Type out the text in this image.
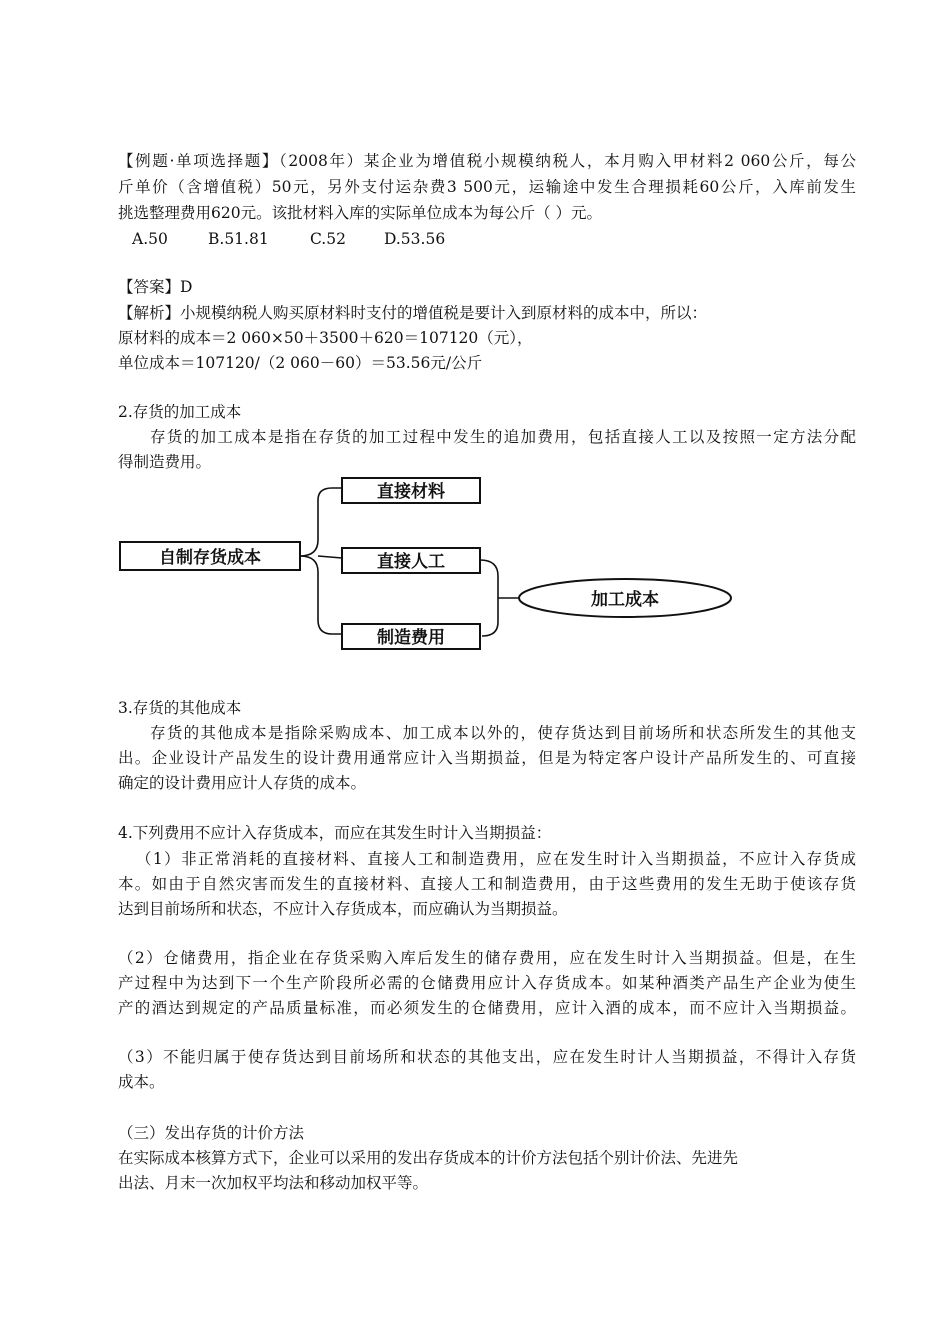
【例题·单项选择题】（2008年）某企业为增值税小规模纳税人，本月购入甲材料2 060公斤，每公
斤单价（含增值税）50元，另外支付运杂费3 500元，运输途中发生合理损耗60公斤，入库前发生
挑选整理费用620元。该批材料入库的实际单位成本为每公斤（ ）元。
A.50	B.51.81	C.52 D.53.56
【答案】D
【解析】小规模纳税人购买原材料时支付的增值税是要计入到原材料的成本中，所以：
原材料的成本＝2 060×50＋3500＋620＝107120（元），
单位成本＝107120/（2 060－60）＝53.56元/公斤
2.存货的加工成本
存货的加工成本是指在存货的加工过程中发生的追加费用，包括直接人工以及按照一定方法分配
得制造费用。
自制存货成本
直接材料
直接人工
制造费用
加工成本
3.存货的其他成本
存货的其他成本是指除采购成本、加工成本以外的，使存货达到目前场所和状态所发生的其他支
出。企业设计产品发生的设计费用通常应计入当期损益，但是为特定客户设计产品所发生的、可直接
确定的设计费用应计人存货的成本。
4.下列费用不应计入存货成本，而应在其发生时计入当期损益：
（1）非正常消耗的直接材料、直接人工和制造费用，应在发生时计入当期损益，不应计入存货成
本。如由于自然灾害而发生的直接材料、直接人工和制造费用，由于这些费用的发生无助于使该存货
达到目前场所和状态，不应计入存货成本，而应确认为当期损益。
（2）仓储费用，指企业在存货采购入库后发生的储存费用，应在发生时计入当期损益。但是，在生
产过程中为达到下一个生产阶段所必需的仓储费用应计入存货成本。如某种酒类产品生产企业为使生
产的酒达到规定的产品质量标准，而必须发生的仓储费用，应计入酒的成本，而不应计入当期损益。
（3）不能归属于使存货达到目前场所和状态的其他支出，应在发生时计人当期损益，不得计入存货
成本。
（三）发出存货的计价方法
在实际成本核算方式下，企业可以采用的发出存货成本的计价方法包括个别计价法、先进先
出法、月末一次加权平均法和移动加权平等。
